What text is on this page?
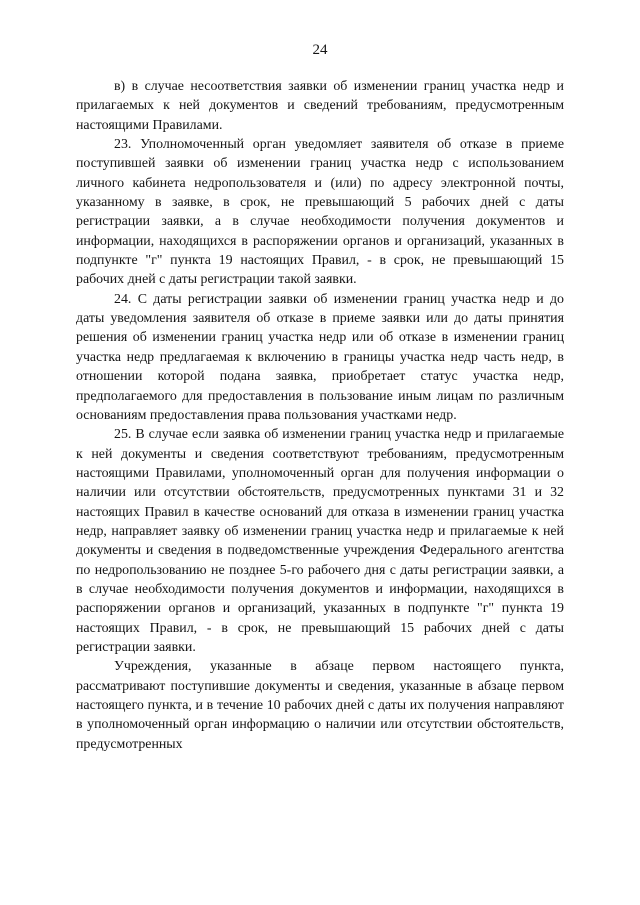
24

в) в случае несоответствия заявки об изменении границ участка недр и прилагаемых к ней документов и сведений требованиям, предусмотренным настоящими Правилами.

23. Уполномоченный орган уведомляет заявителя об отказе в приеме поступившей заявки об изменении границ участка недр с использованием личного кабинета недропользователя и (или) по адресу электронной почты, указанному в заявке, в срок, не превышающий 5 рабочих дней с даты регистрации заявки, а в случае необходимости получения документов и информации, находящихся в распоряжении органов и организаций, указанных в подпункте "г" пункта 19 настоящих Правил, - в срок, не превышающий 15 рабочих дней с даты регистрации такой заявки.

24. С даты регистрации заявки об изменении границ участка недр и до даты уведомления заявителя об отказе в приеме заявки или до даты принятия решения об изменении границ участка недр или об отказе в изменении границ участка недр предлагаемая к включению в границы участка недр часть недр, в отношении которой подана заявка, приобретает статус участка недр, предполагаемого для предоставления в пользование иным лицам по различным основаниям предоставления права пользования участками недр.

25. В случае если заявка об изменении границ участка недр и прилагаемые к ней документы и сведения соответствуют требованиям, предусмотренным настоящими Правилами, уполномоченный орган для получения информации о наличии или отсутствии обстоятельств, предусмотренных пунктами 31 и 32 настоящих Правил в качестве оснований для отказа в изменении границ участка недр, направляет заявку об изменении границ участка недр и прилагаемые к ней документы и сведения в подведомственные учреждения Федерального агентства по недропользованию не позднее 5-го рабочего дня с даты регистрации заявки, а в случае необходимости получения документов и информации, находящихся в распоряжении органов и организаций, указанных в подпункте "г" пункта 19 настоящих Правил, - в срок, не превышающий 15 рабочих дней с даты регистрации заявки.

Учреждения, указанные в абзаце первом настоящего пункта, рассматривают поступившие документы и сведения, указанные в абзаце первом настоящего пункта, и в течение 10 рабочих дней с даты их получения направляют в уполномоченный орган информацию о наличии или отсутствии обстоятельств, предусмотренных
